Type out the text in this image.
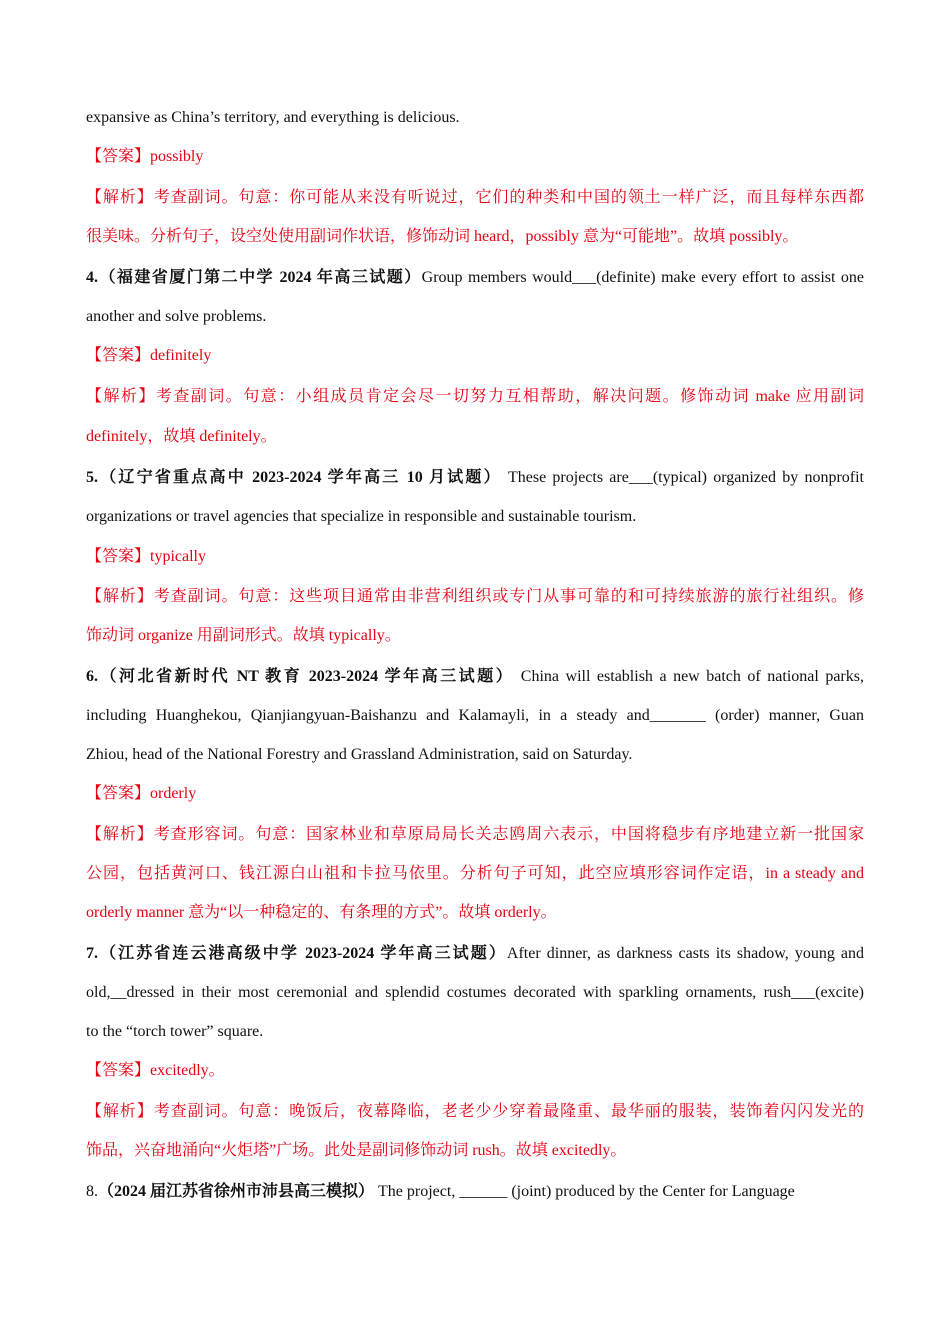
expansive as China’s territory, and everything is delicious.
【答案】possibly
【解析】考查副词。句意：你可能从来没有听说过，它们的种类和中国的领土一样广泛，而且每样东西都
很美味。分析句子，设空处使用副词作状语，修饰动词 heard，possibly 意为“可能地”。故填 possibly。
4.（福建省厦门第二中学 2024 年高三试题）Group members would___(definite) make every effort to assist one
another and solve problems.
【答案】definitely
【解析】考查副词。句意：小组成员肯定会尽一切努力互相帮助，解决问题。修饰动词 make 应用副词
definitely，故填 definitely。
5.（辽宁省重点高中 2023-2024 学年高三 10 月试题） These projects are___(typical) organized by nonprofit
organizations or travel agencies that specialize in responsible and sustainable tourism.
【答案】typically
【解析】考查副词。句意：这些项目通常由非营利组织或专门从事可靠的和可持续旅游的旅行社组织。修
饰动词 organize 用副词形式。故填 typically。
6.（河北省新时代 NT 教育 2023-2024 学年高三试题） China will establish a new batch of national parks,
including Huanghekou, Qianjiangyuan-Baishanzu and Kalamayli, in a steady and_______ (order) manner, Guan
Zhiou, head of the National Forestry and Grassland Administration, said on Saturday.
【答案】orderly
【解析】考查形容词。句意：国家林业和草原局局长关志鸥周六表示，中国将稳步有序地建立新一批国家
公园，包括黄河口、钱江源白山祖和卡拉马依里。分析句子可知，此空应填形容词作定语，in a steady and
orderly manner 意为“以一种稳定的、有条理的方式”。故填 orderly。
7.（江苏省连云港高级中学 2023-2024 学年高三试题）After dinner, as darkness casts its shadow, young and
old,__dressed in their most ceremonial and splendid costumes decorated with sparkling ornaments, rush___(excite)
to the “torch tower” square.
【答案】excitedly。
【解析】考查副词。句意：晚饭后，夜幕降临，老老少少穿着最隆重、最华丽的服装，装饰着闪闪发光的
饰品，兴奋地涌向“火炬塔”广场。此处是副词修饰动词 rush。故填 excitedly。
8.（2024 届江苏省徐州市沛县高三模拟） The project, ______ (joint) produced by the Center for Language
